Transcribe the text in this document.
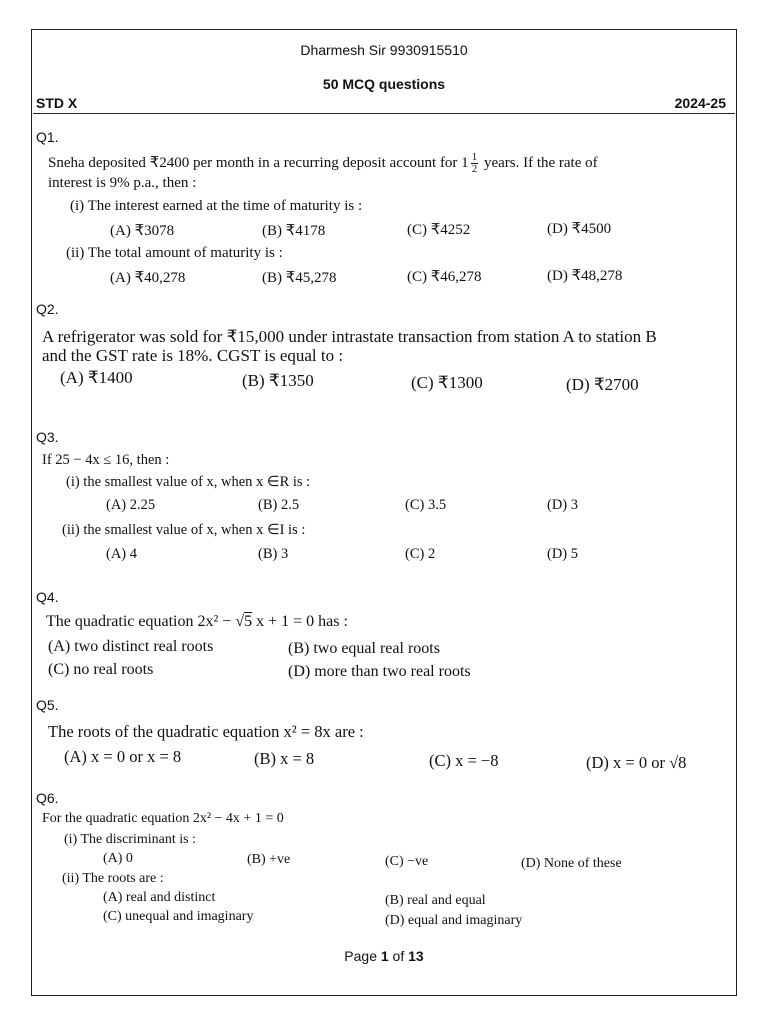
Dharmesh Sir 9930915510
50 MCQ questions
STD X	2024-25
Q1.
Sneha deposited ₹2400 per month in a recurring deposit account for $1 \frac{1}{2}$ years. If the rate of
interest is 9% p.a., then :
(i) The interest earned at the time of maturity is :
(A) ₹3078	(B) ₹4178	(C) ₹4252	(D) ₹4500
(ii) The total amount of maturity is :
(A) ₹40,278	(B) ₹45,278	(C) ₹46,278	(D) ₹48,278
Q2.
A refrigerator was sold for ₹15,000 under intrastate transaction from station A to station B
and the GST rate is 18%. CGST is equal to :
(A) ₹1400	(B) ₹1350	(C) ₹1300	(D) ₹2700
Q3.
If 25 − 4x ≤ 16, then :
(i) the smallest value of x, when x ∈R is :
(A) 2.25	(B) 2.5	(C) 3.5	(D) 3
(ii) the smallest value of x, when x ∈I is :
(A) 4	(B) 3	(C) 2	(D) 5
Q4.
The quadratic equation 2x² − √5 x + 1 = 0 has :
(A) two distinct real roots	(B) two equal real roots
(C) no real roots	(D) more than two real roots
Q5.
The roots of the quadratic equation x² = 8x are :
(A) x = 0 or x = 8	(B) x = 8	(C) x = −8	(D) x = 0 or √8
Q6.
For the quadratic equation 2x² − 4x + 1 = 0
(i) The discriminant is :
(A) 0	(B) +ve	(C) −ve	(D) None of these
(ii) The roots are :
(A) real and distinct	(B) real and equal
(C) unequal and imaginary	(D) equal and imaginary
Page 1 of 13
